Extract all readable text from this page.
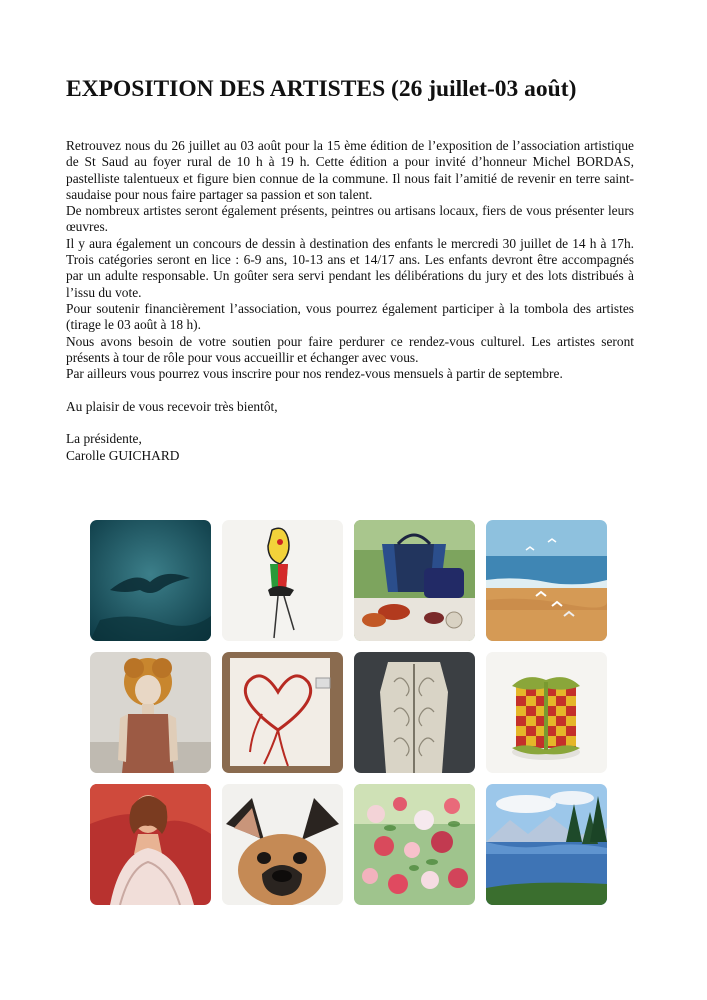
EXPOSITION DES ARTISTES (26 juillet-03 août)

Retrouvez nous du 26 juillet au 03 août pour la 15 ème édition de l’exposition de l’association artistique de St Saud au foyer rural de 10 h à 19 h. Cette édition a pour invité d’honneur Michel BORDAS, pastelliste talentueux et figure bien connue de la commune. Il nous fait l’amitié de revenir en terre saint-saudaise pour nous faire partager sa passion et son talent.

De nombreux artistes seront également présents, peintres ou artisans locaux, fiers de vous présenter leurs œuvres.

Il y aura également un concours de dessin à destination des enfants le mercredi 30 juillet de 14 h à 17h. Trois catégories seront en lice : 6-9 ans, 10-13 ans et 14/17 ans. Les enfants devront être accompagnés par un adulte responsable. Un goûter sera servi pendant les délibérations du jury et des lots distribués à l’issu du vote.

Pour soutenir financièrement l’association, vous pourrez également participer à la tombola des artistes (tirage le 03 août à 18 h).

Nous avons besoin de votre soutien pour faire perdurer ce rendez-vous culturel. Les artistes seront présents à tour de rôle pour vous accueillir et échanger avec vous.

Par ailleurs vous pourrez vous inscrire pour nos rendez-vous mensuels à partir de septembre.

Au plaisir de vous recevoir très bientôt,

La présidente,

Carolle GUICHARD
